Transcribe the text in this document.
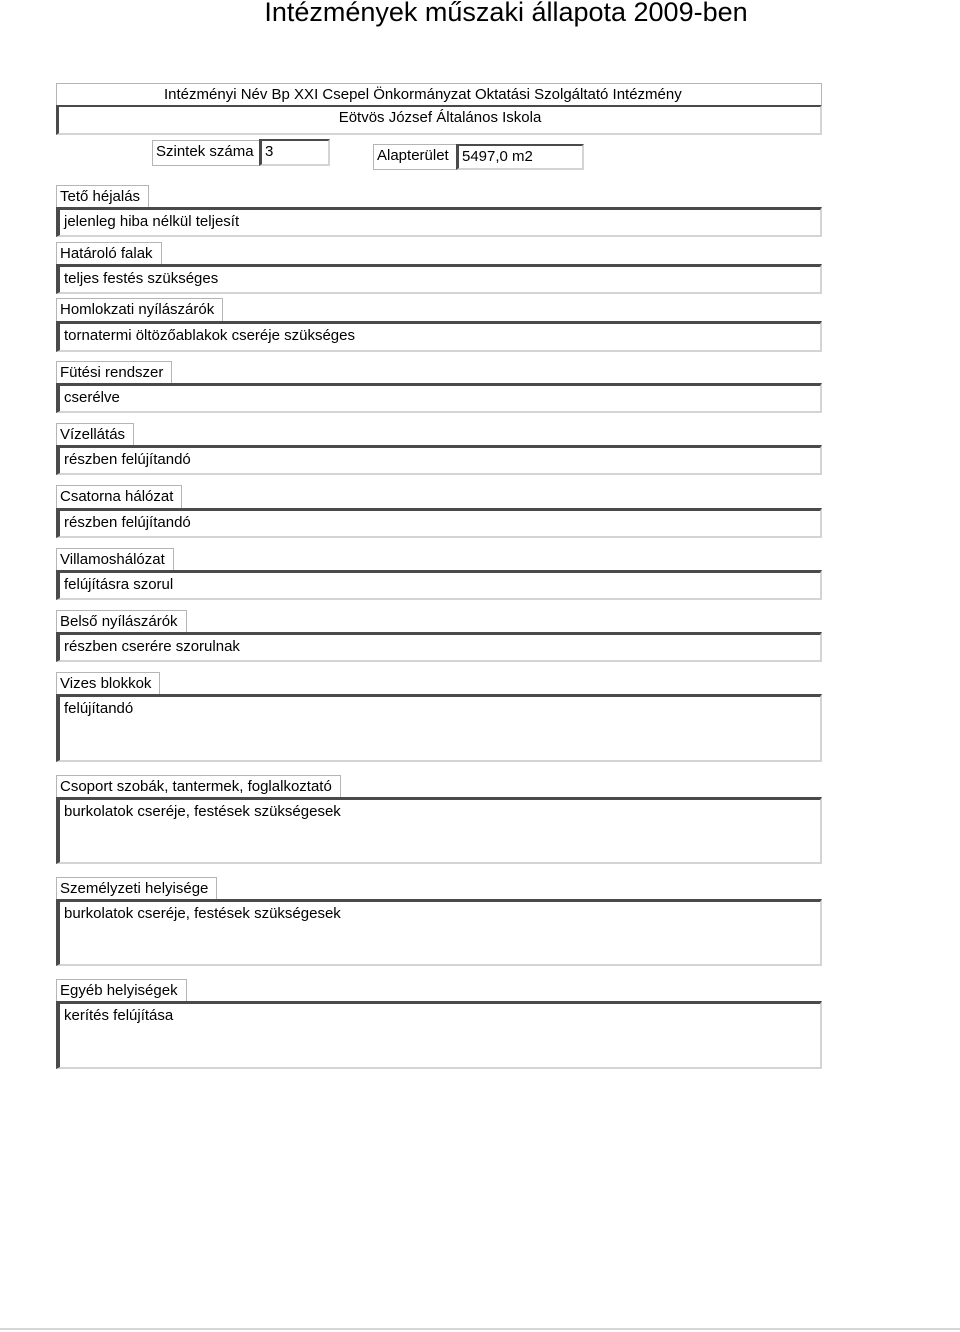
Intézmények műszaki állapota 2009-ben
Intézményi Név Bp XXI Csepel Önkormányzat Oktatási Szolgáltató Intézmény
Eötvös József Általános Iskola
Szintek száma 3	Alapterület 5497,0 m2
Tető héjalás
jelenleg hiba nélkül teljesít
Határoló falak
teljes festés szükséges
Homlokzati nyílászárók
tornatermi öltözőablakok cseréje szükséges
Fütési rendszer
cserélve
Vízellátás
részben felújítandó
Csatorna hálózat
részben felújítandó
Villamoshálózat
felújításra szorul
Belső nyílászárók
részben cserére szorulnak
Vizes blokkok
felújítandó
Csoport szobák, tantermek, foglalkoztató
burkolatok cseréje, festések szükségesek
Személyzeti helyisége
burkolatok cseréje, festések szükségesek
Egyéb helyiségek
kerítés felújítása
